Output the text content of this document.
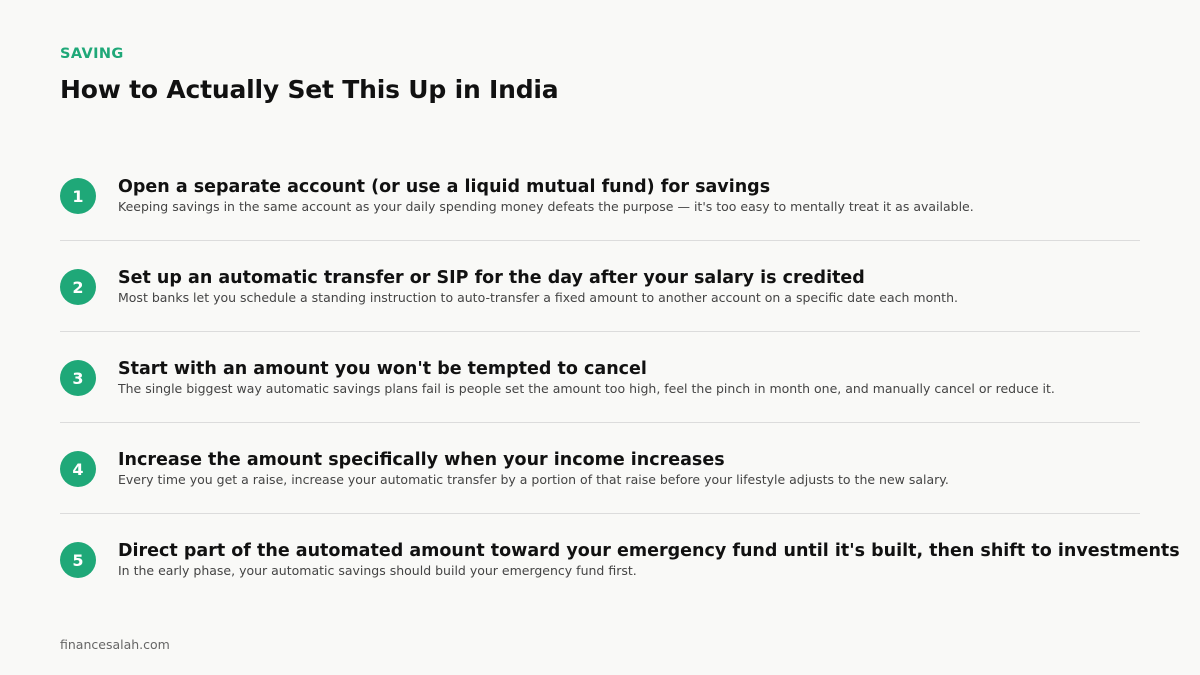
SAVING
How to Actually Set This Up in India
1	Open a separate account (or use a liquid mutual fund) for savings
Keeping savings in the same account as your daily spending money defeats the purpose — it's too easy to mentally treat it as available.
2	Set up an automatic transfer or SIP for the day after your salary is credited
Most banks let you schedule a standing instruction to auto-transfer a fixed amount to another account on a specific date each month.
3	Start with an amount you won't be tempted to cancel
The single biggest way automatic savings plans fail is people set the amount too high, feel the pinch in month one, and manually cancel or reduce it.
4	Increase the amount specifically when your income increases
Every time you get a raise, increase your automatic transfer by a portion of that raise before your lifestyle adjusts to the new salary.
5	Direct part of the automated amount toward your emergency fund until it's built, then shift to investments
In the early phase, your automatic savings should build your emergency fund first.
financesalah.com
